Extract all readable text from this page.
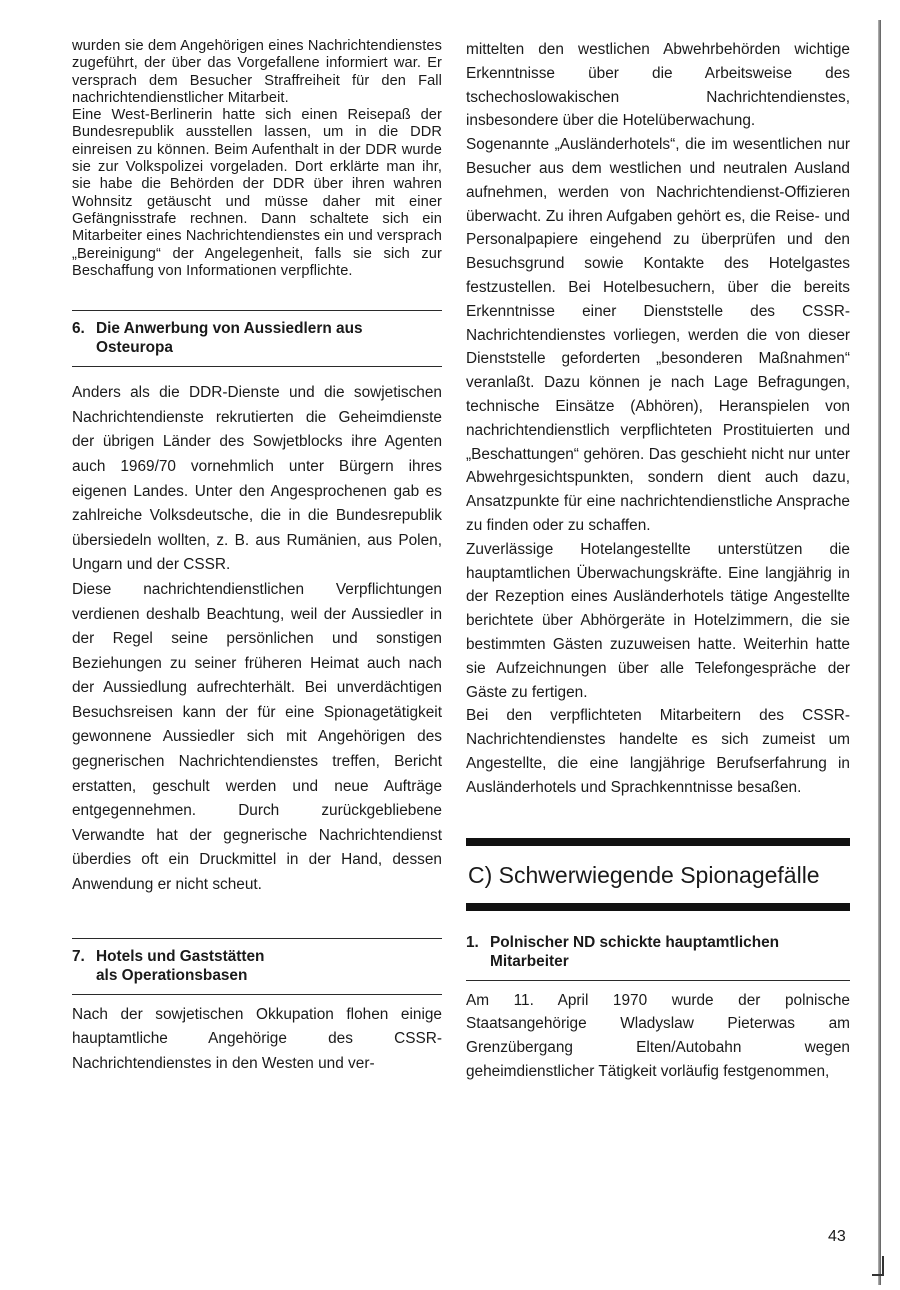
wurden sie dem Angehörigen eines Nachrichtendienstes zugeführt, der über das Vorgefallene informiert war. Er versprach dem Besucher Straffreiheit für den Fall nachrichtendienstlicher Mitarbeit.

Eine West-Berlinerin hatte sich einen Reisepaß der Bundesrepublik ausstellen lassen, um in die DDR einreisen zu können. Beim Aufenthalt in der DDR wurde sie zur Volkspolizei vorgeladen. Dort erklärte man ihr, sie habe die Behörden der DDR über ihren wahren Wohnsitz getäuscht und müsse daher mit einer Gefängnisstrafe rechnen. Dann schaltete sich ein Mitarbeiter eines Nachrichtendienstes ein und versprach „Bereinigung“ der Angelegenheit, falls sie sich zur Beschaffung von Informationen verpflichte.

6. Die Anwerbung von Aussiedlern aus Osteuropa

Anders als die DDR-Dienste und die sowjetischen Nachrichtendienste rekrutierten die Geheimdienste der übrigen Länder des Sowjetblocks ihre Agenten auch 1969/70 vornehmlich unter Bürgern ihres eigenen Landes. Unter den Angesprochenen gab es zahlreiche Volksdeutsche, die in die Bundesrepublik übersiedeln wollten, z. B. aus Rumänien, aus Polen, Ungarn und der CSSR.

Diese nachrichtendienstlichen Verpflichtungen verdienen deshalb Beachtung, weil der Aussiedler in der Regel seine persönlichen und sonstigen Beziehungen zu seiner früheren Heimat auch nach der Aussiedlung aufrechterhält. Bei unverdächtigen Besuchsreisen kann der für eine Spionagetätigkeit gewonnene Aussiedler sich mit Angehörigen des gegnerischen Nachrichtendienstes treffen, Bericht erstatten, geschult werden und neue Aufträge entgegennehmen. Durch zurückgebliebene Verwandte hat der gegnerische Nachrichtendienst überdies oft ein Druckmittel in der Hand, dessen Anwendung er nicht scheut.

7. Hotels und Gaststätten
als Operationsbasen

Nach der sowjetischen Okkupation flohen einige hauptamtliche Angehörige des CSSR-Nachrichtendienstes in den Westen und ver-

mittelten den westlichen Abwehrbehörden wichtige Erkenntnisse über die Arbeitsweise des tschechoslowakischen Nachrichtendienstes, insbesondere über die Hotelüberwachung.

Sogenannte „Ausländerhotels“, die im wesentlichen nur Besucher aus dem westlichen und neutralen Ausland aufnehmen, werden von Nachrichtendienst-Offizieren überwacht. Zu ihren Aufgaben gehört es, die Reise- und Personalpapiere eingehend zu überprüfen und den Besuchsgrund sowie Kontakte des Hotelgastes festzustellen. Bei Hotelbesuchern, über die bereits Erkenntnisse einer Dienststelle des CSSR-Nachrichtendienstes vorliegen, werden die von dieser Dienststelle geforderten „besonderen Maßnahmen“ veranlaßt. Dazu können je nach Lage Befragungen, technische Einsätze (Abhören), Heranspielen von nachrichtendienstlich verpflichteten Prostituierten und „Beschattungen“ gehören. Das geschieht nicht nur unter Abwehrgesichtspunkten, sondern dient auch dazu, Ansatzpunkte für eine nachrichtendienstliche Ansprache zu finden oder zu schaffen.

Zuverlässige Hotelangestellte unterstützen die hauptamtlichen Überwachungskräfte. Eine langjährig in der Rezeption eines Ausländerhotels tätige Angestellte berichtete über Abhörgeräte in Hotelzimmern, die sie bestimmten Gästen zuzuweisen hatte. Weiterhin hatte sie Aufzeichnungen über alle Telefongespräche der Gäste zu fertigen.

Bei den verpflichteten Mitarbeitern des CSSR-Nachrichtendienstes handelte es sich zumeist um Angestellte, die eine langjährige Berufserfahrung in Ausländerhotels und Sprachkenntnisse besaßen.

C) Schwerwiegende Spionagefälle
1. Polnischer ND schickte hauptamtlichen Mitarbeiter

Am 11. April 1970 wurde der polnische Staatsangehörige Wladyslaw Pieterwas am Grenzübergang Elten/Autobahn wegen geheimdienstlicher Tätigkeit vorläufig festgenommen,

43
